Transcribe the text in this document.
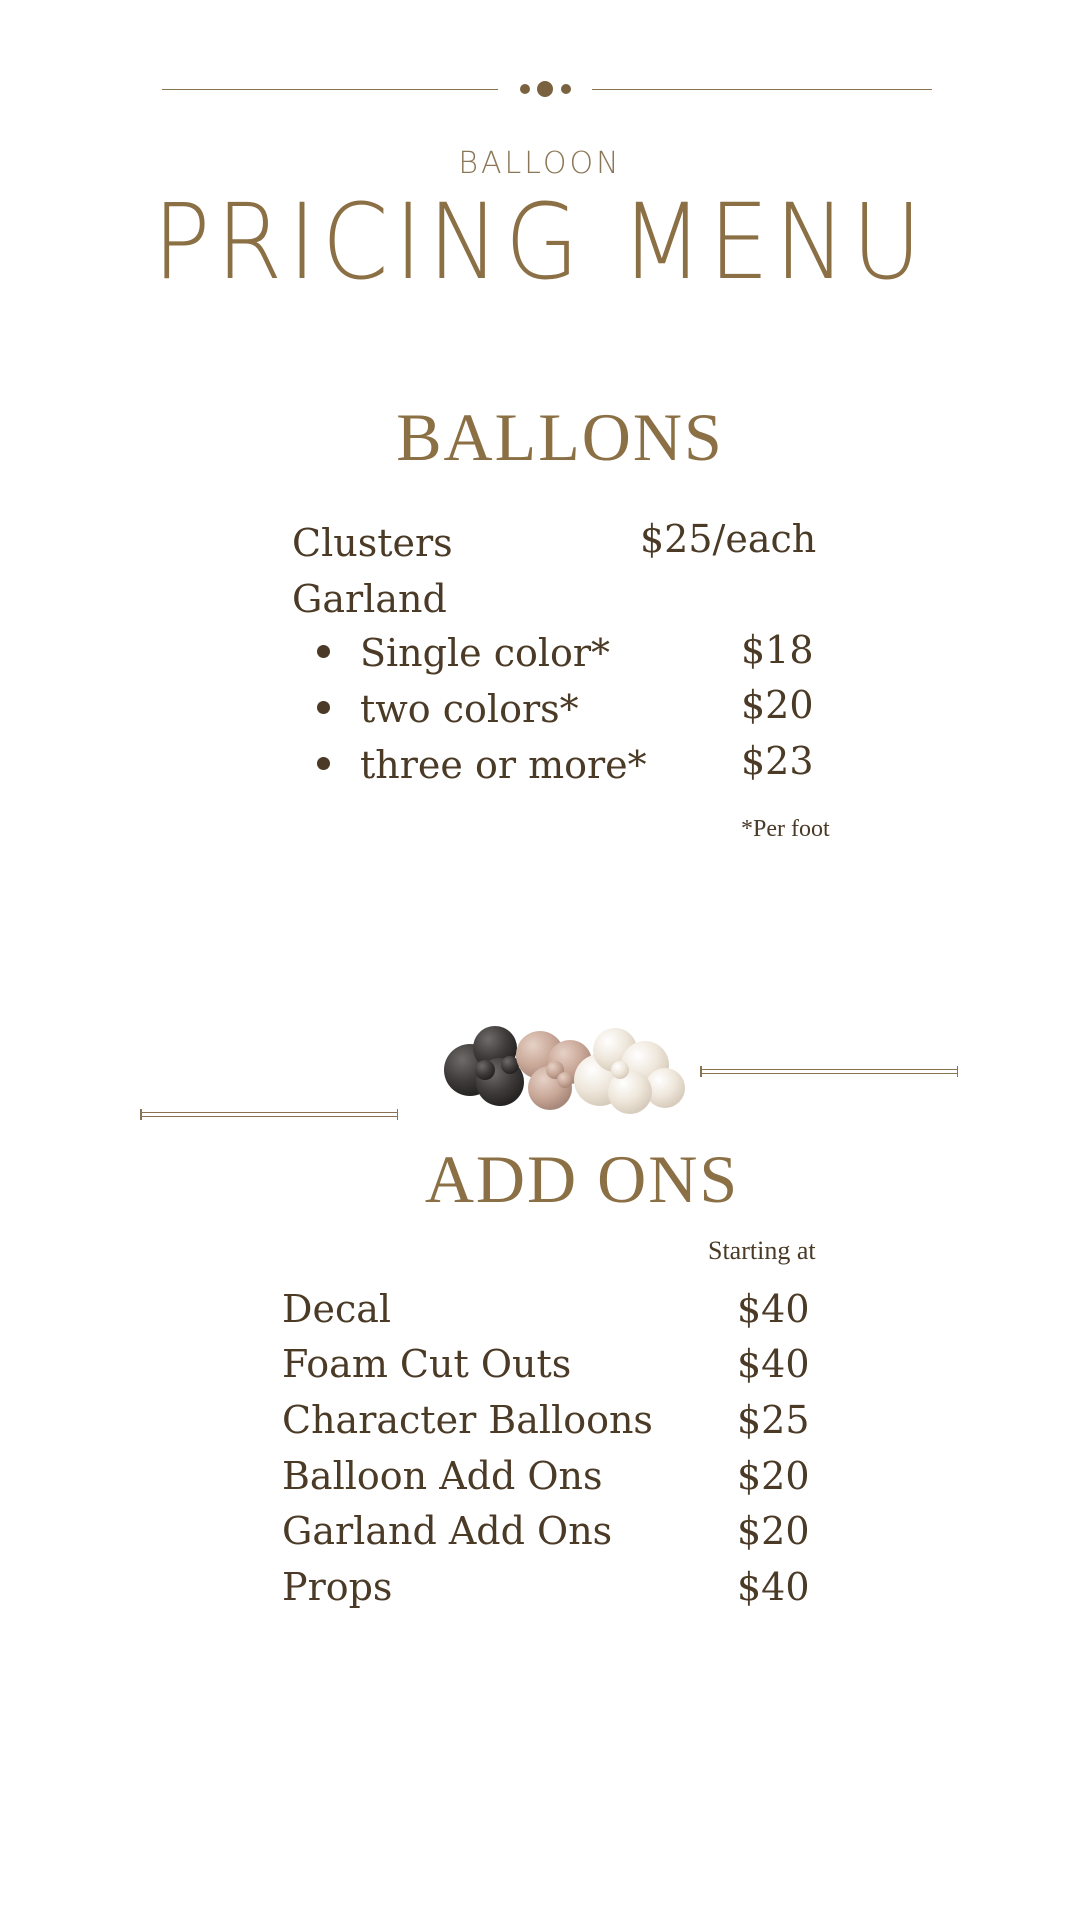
BALLOON
PRICING MENU
BALLONS
Clusters	$25/each
Garland
Single color*	$18
two colors*	$20
three or more* $23
*Per foot
ADD ONS
Starting at
Decal	$40
Foam Cut Outs	$40
Character Balloons $25
Balloon Add Ons	$20
Garland Add Ons	$20
Props	$40
